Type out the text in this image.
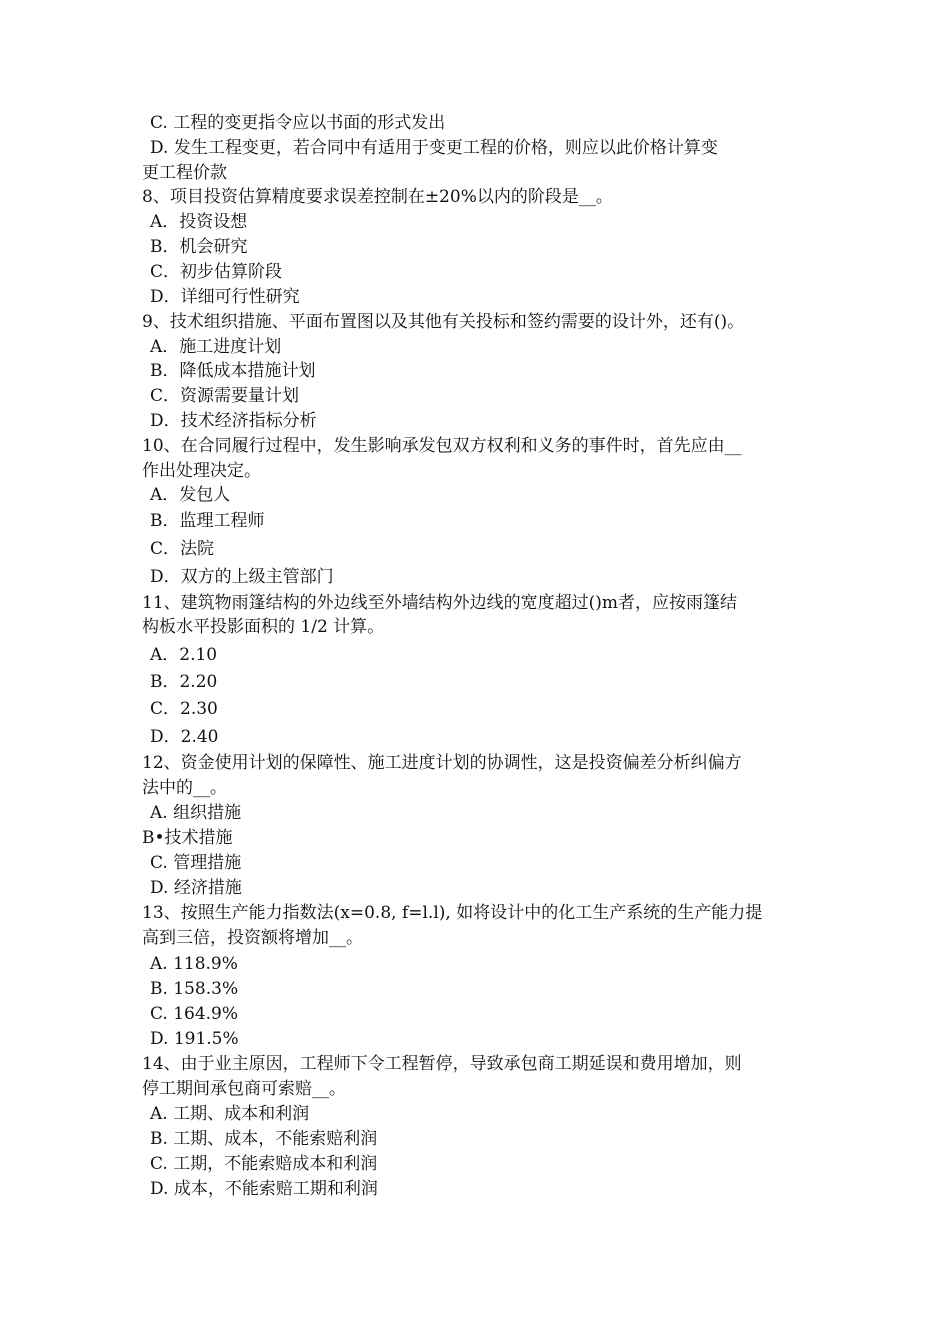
C. 工程的变更指令应以书面的形式发出
D. 发生工程变更，若合同中有适用于变更工程的价格，则应以此价格计算变
更工程价款
8、项目投资估算精度要求误差控制在±20%以内的阶段是__。
A．投资设想
B．机会研究
C．初步估算阶段
D．详细可行性研究
9、技术组织措施、平面布置图以及其他有关投标和签约需要的设计外，还有()。
A．施工进度计划
B．降低成本措施计划
C．资源需要量计划
D．技术经济指标分析
10、在合同履行过程中，发生影响承发包双方权利和义务的事件时，首先应由__
作出处理决定。
A．发包人
B．监理工程师
C．法院
D．双方的上级主管部门
11、建筑物雨篷结构的外边线至外墙结构外边线的宽度超过()m者，应按雨篷结
构板水平投影面积的 1/2 计算。
A．2.10
B．2.20
C．2.30
D．2.40
12、资金使用计划的保障性、施工进度计划的协调性，这是投资偏差分析纠偏方
法中的__。
A. 组织措施
B•技术措施
C. 管理措施
D. 经济措施
13、按照生产能力指数法(x=0.8, f=l.l), 如将设计中的化工生产系统的生产能力提
高到三倍，投资额将增加__。
A. 118.9%
B. 158.3%
C. 164.9%
D. 191.5%
14、由于业主原因，工程师下令工程暂停，导致承包商工期延误和费用增加，则
停工期间承包商可索赔__。
A. 工期、成本和利润
B. 工期、成本，不能索赔利润
C. 工期，不能索赔成本和利润
D. 成本，不能索赔工期和利润
